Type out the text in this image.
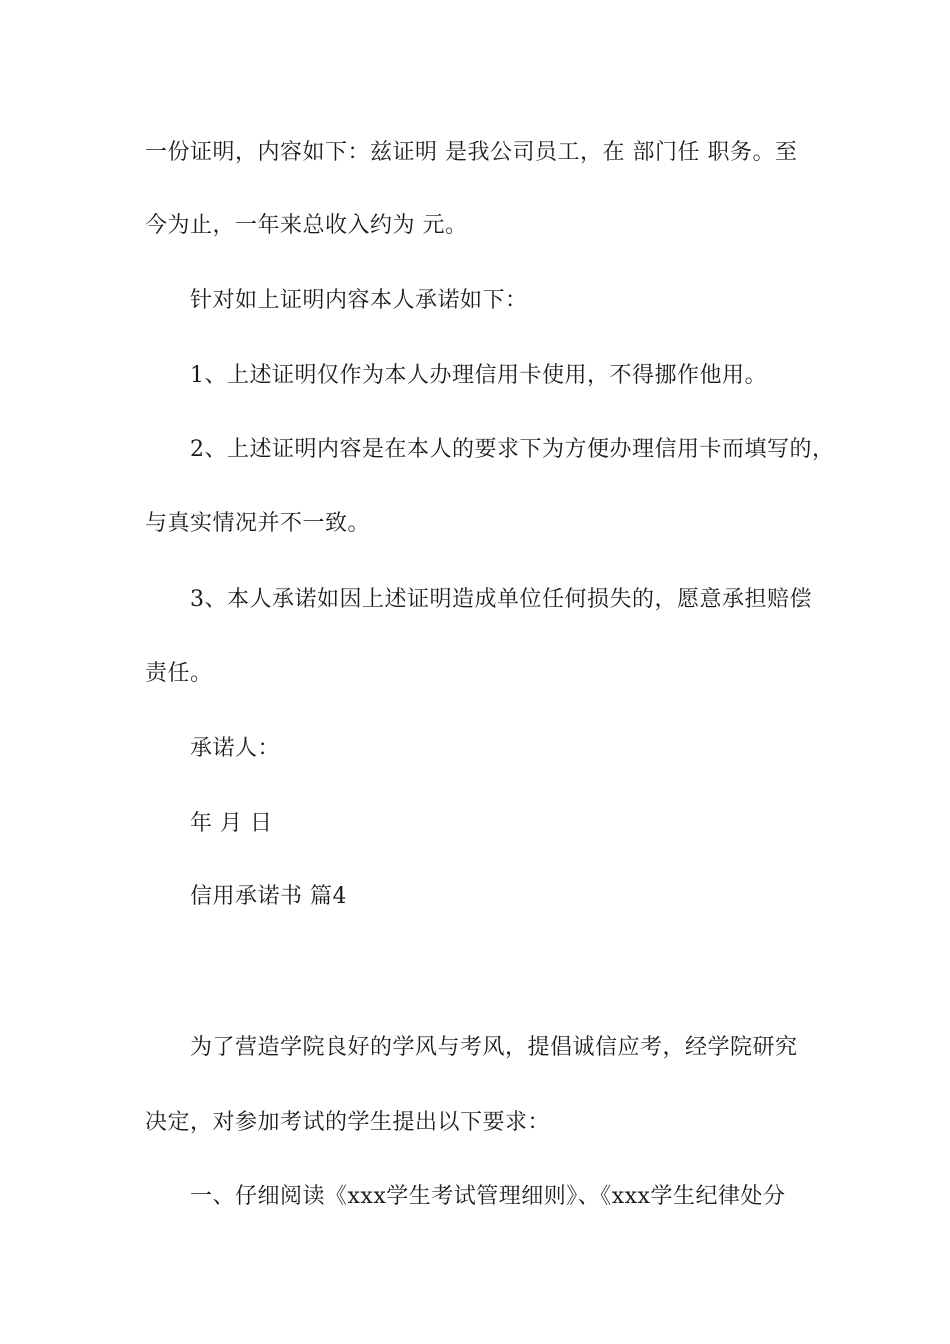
一份证明，内容如下：兹证明 是我公司员工，在 部门任 职务。至
今为止，一年来总收入约为 元。
针对如上证明内容本人承诺如下：
1、上述证明仅作为本人办理信用卡使用，不得挪作他用。
2、上述证明内容是在本人的要求下为方便办理信用卡而填写的，
与真实情况并不一致。
3、本人承诺如因上述证明造成单位任何损失的，愿意承担赔偿
责任。
承诺人：
年 月 日
信用承诺书 篇4
为了营造学院良好的学风与考风，提倡诚信应考，经学院研究
决定，对参加考试的学生提出以下要求：
一、仔细阅读《xxx学生考试管理细则》、《xxx学生纪律处分
